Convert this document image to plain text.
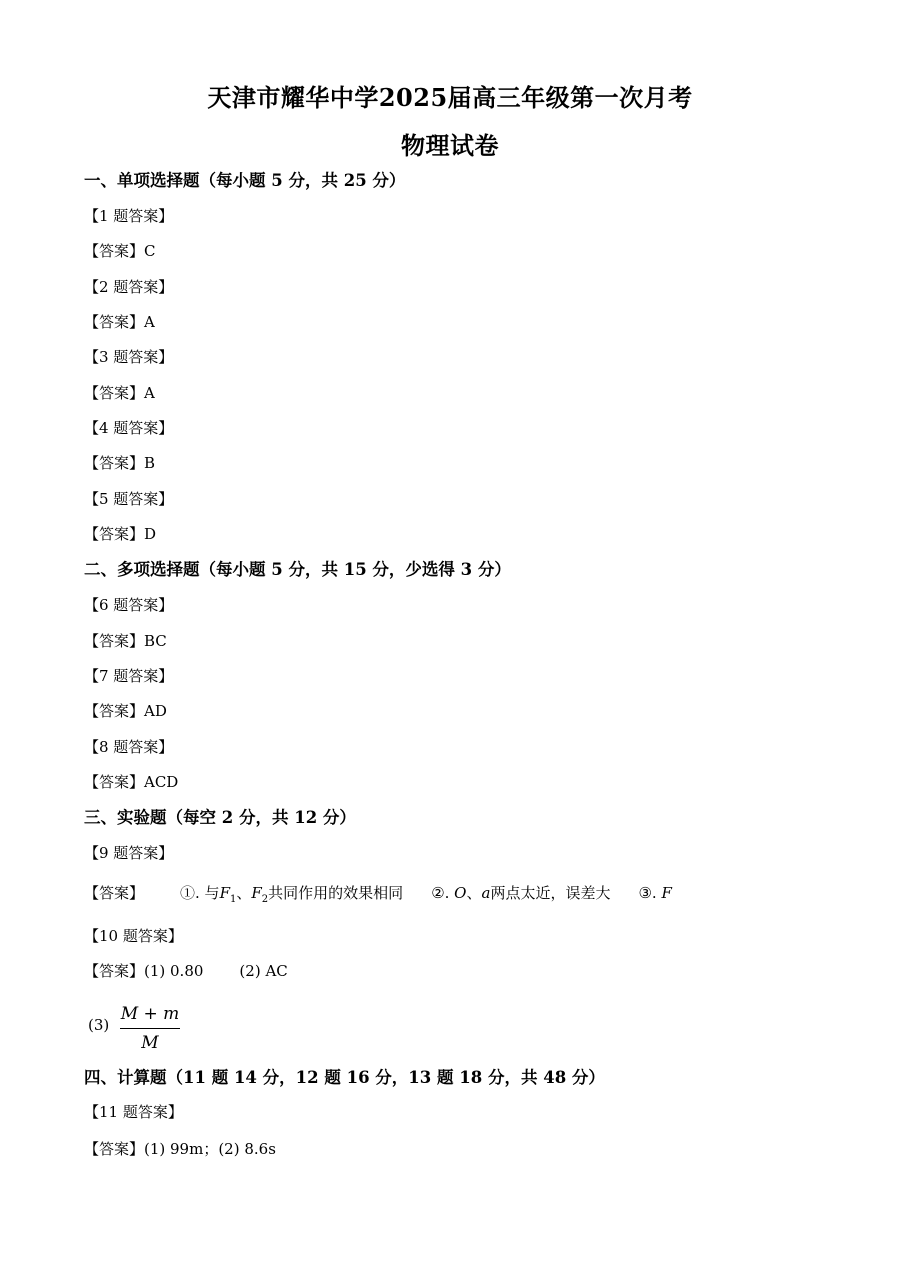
天津市耀华中学2025届高三年级第一次月考
物理试卷
一、单项选择题（每小题 5 分，共 25 分）
【1 题答案】
【答案】C
【2 题答案】
【答案】A
【3 题答案】
【答案】A
【4 题答案】
【答案】B
【5 题答案】
【答案】D
二、多项选择题（每小题 5 分，共 15 分，少选得 3 分）
【6 题答案】
【答案】BC
【7 题答案】
【答案】AD
【8 题答案】
【答案】ACD
三、实验题（每空 2 分，共 12 分）
【9 题答案】
【答案】 ①. 与$F_1$、$F_2$共同作用的效果相同 ②. O、a两点太近，误差大 ③. F
【10 题答案】
【答案】(1) 0.80 (2) AC
(3)
M + m
M
四、计算题（11 题 14 分，12 题 16 分，13 题 18 分，共 48 分）
【11 题答案】
【答案】(1) 99m；(2) 8.6s
